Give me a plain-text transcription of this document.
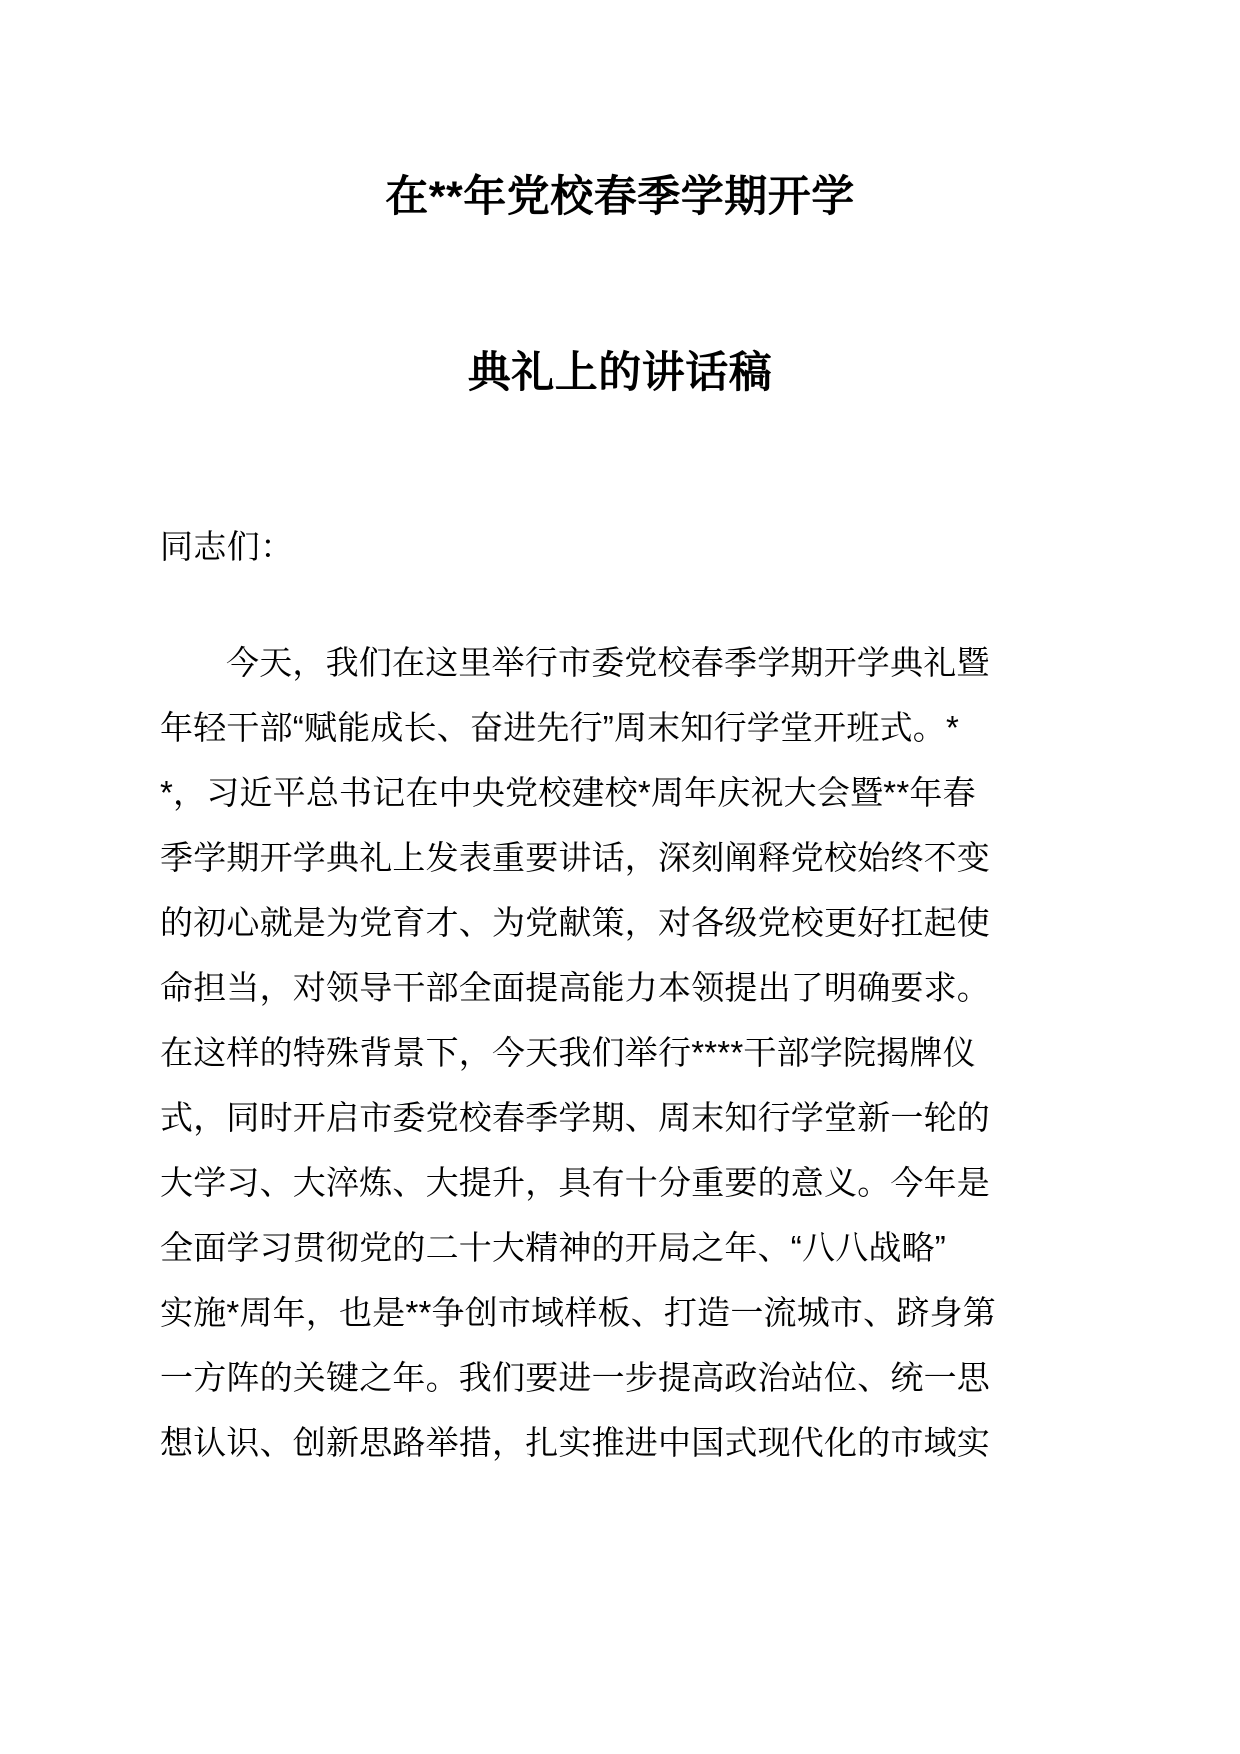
在**年党校春季学期开学
典礼上的讲话稿
同志们：
今天，我们在这里举行市委党校春季学期开学典礼暨
年轻干部“赋能成长、奋进先行”周末知行学堂开班式。*
*，习近平总书记在中央党校建校*周年庆祝大会暨**年春
季学期开学典礼上发表重要讲话，深刻阐释党校始终不变
的初心就是为党育才、为党献策，对各级党校更好扛起使
命担当，对领导干部全面提高能力本领提出了明确要求。
在这样的特殊背景下，今天我们举行****干部学院揭牌仪
式，同时开启市委党校春季学期、周末知行学堂新一轮的
大学习、大淬炼、大提升，具有十分重要的意义。今年是
全面学习贯彻党的二十大精神的开局之年、“八八战略”
实施*周年，也是**争创市域样板、打造一流城市、跻身第
一方阵的关键之年。我们要进一步提高政治站位、统一思
想认识、创新思路举措，扎实推进中国式现代化的市域实
